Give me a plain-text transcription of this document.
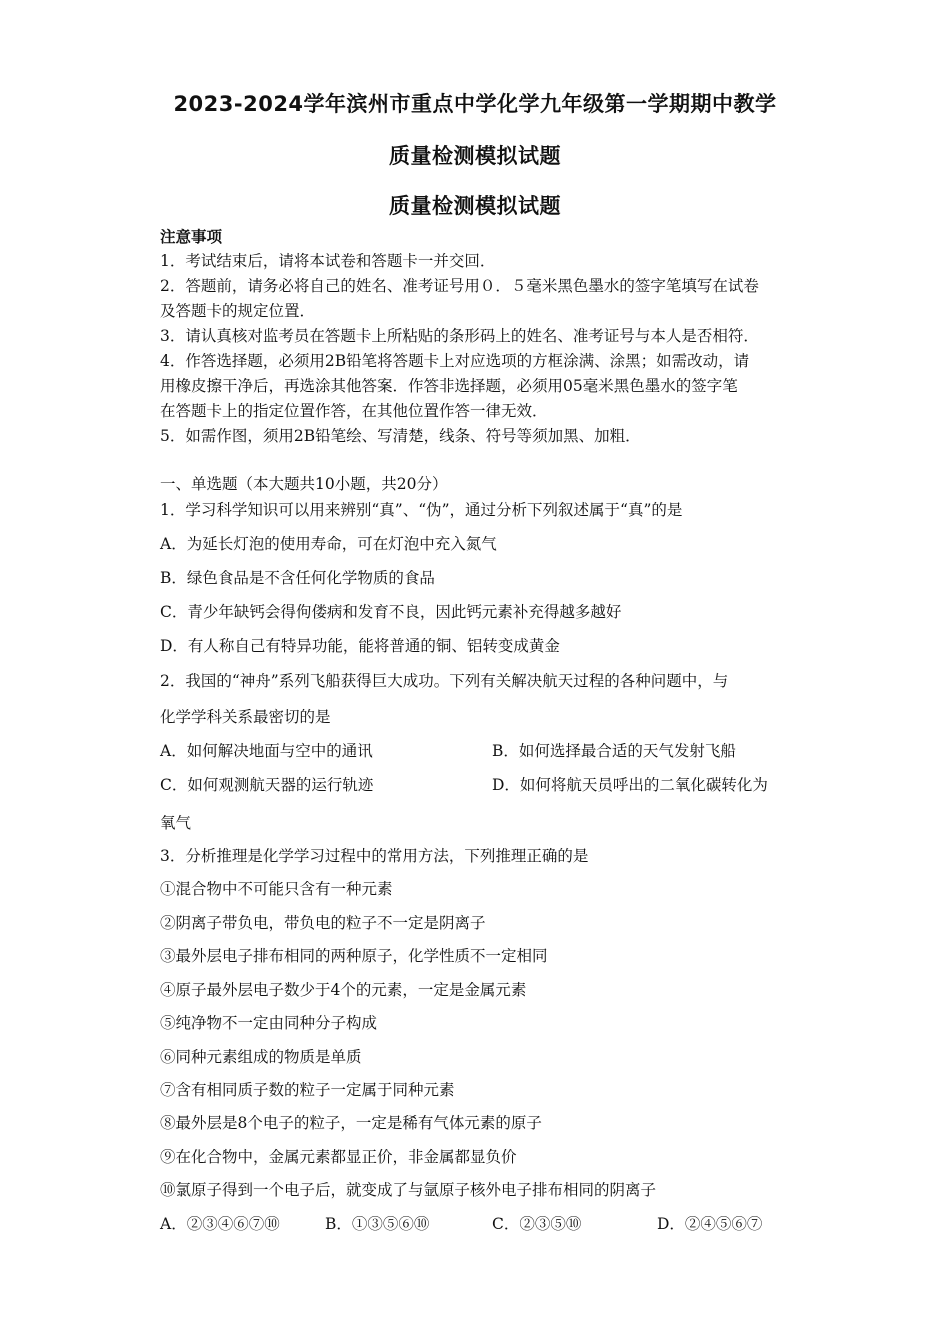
2023-2024学年滨州市重点中学化学九年级第一学期期中教学
质量检测模拟试题
质量检测模拟试题
注意事项
1．考试结束后，请将本试卷和答题卡一并交回．
2．答题前，请务必将自己的姓名、准考证号用０．５毫米黑色墨水的签字笔填写在试卷
及答题卡的规定位置．
3．请认真核对监考员在答题卡上所粘贴的条形码上的姓名、准考证号与本人是否相符．
4．作答选择题，必须用2B铅笔将答题卡上对应选项的方框涂满、涂黑；如需改动，请
用橡皮擦干净后，再选涂其他答案．作答非选择题，必须用05毫米黑色墨水的签字笔
在答题卡上的指定位置作答，在其他位置作答一律无效．
5．如需作图，须用2B铅笔绘、写清楚，线条、符号等须加黑、加粗．
一、单选题（本大题共10小题，共20分）
1．学习科学知识可以用来辨别“真”、“伪”，通过分析下列叙述属于“真”的是
A．为延长灯泡的使用寿命，可在灯泡中充入氮气
B．绿色食品是不含任何化学物质的食品
C．青少年缺钙会得佝偻病和发育不良，因此钙元素补充得越多越好
D．有人称自己有特异功能，能将普通的铜、铝转变成黄金
2．我国的“神舟”系列飞船获得巨大成功。下列有关解决航天过程的各种问题中，与
化学学科关系最密切的是
A．如何解决地面与空中的通讯	B．如何选择最合适的天气发射飞船
C．如何观测航天器的运行轨迹	D．如何将航天员呼出的二氧化碳转化为
氧气
3．分析推理是化学学习过程中的常用方法，下列推理正确的是
①混合物中不可能只含有一种元素
②阴离子带负电，带负电的粒子不一定是阴离子
③最外层电子排布相同的两种原子，化学性质不一定相同
④原子最外层电子数少于4个的元素，一定是金属元素
⑤纯净物不一定由同种分子构成
⑥同种元素组成的物质是单质
⑦含有相同质子数的粒子一定属于同种元素
⑧最外层是8个电子的粒子，一定是稀有气体元素的原子
⑨在化合物中，金属元素都显正价，非金属都显负价
⑩氯原子得到一个电子后，就变成了与氩原子核外电子排布相同的阴离子
A．②③④⑥⑦⑩	B．①③⑤⑥⑩	C．②③⑤⑩	D．②④⑤⑥⑦
